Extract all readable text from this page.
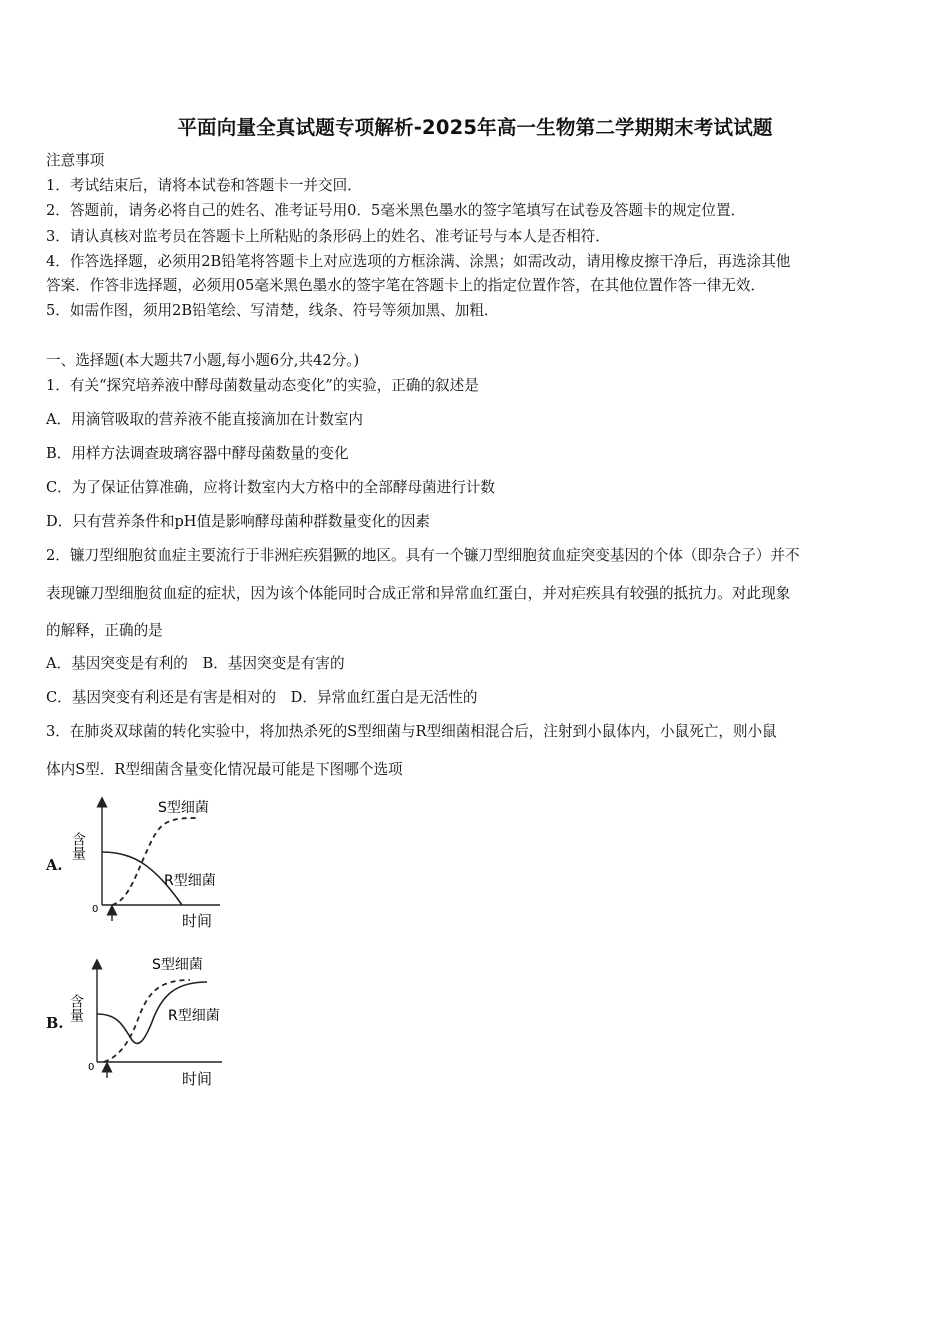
平面向量全真试题专项解析-2025年高一生物第二学期期末考试试题
注意事项
1．考试结束后，请将本试卷和答题卡一并交回．
2．答题前，请务必将自己的姓名、准考证号用0．5毫米黑色墨水的签字笔填写在试卷及答题卡的规定位置．
3．请认真核对监考员在答题卡上所粘贴的条形码上的姓名、准考证号与本人是否相符．
4．作答选择题，必须用2B铅笔将答题卡上对应选项的方框涂满、涂黑；如需改动，请用橡皮擦干净后，再选涂其他
答案．作答非选择题，必须用05毫米黑色墨水的签字笔在答题卡上的指定位置作答，在其他位置作答一律无效．
5．如需作图，须用2B铅笔绘、写清楚，线条、符号等须加黑、加粗．
一、选择题(本大题共7小题,每小题6分,共42分。)
1．有关“探究培养液中酵母菌数量动态变化”的实验，正确的叙述是
A．用滴管吸取的营养液不能直接滴加在计数室内
B．用样方法调查玻璃容器中酵母菌数量的变化
C．为了保证估算准确，应将计数室内大方格中的全部酵母菌进行计数
D．只有营养条件和pH值是影响酵母菌种群数量变化的因素
2．镰刀型细胞贫血症主要流行于非洲疟疾猖獗的地区。具有一个镰刀型细胞贫血症突变基因的个体（即杂合子）并不
表现镰刀型细胞贫血症的症状，因为该个体能同时合成正常和异常血红蛋白，并对疟疾具有较强的抵抗力。对此现象
的解释，正确的是
A．基因突变是有利的　B．基因突变是有害的
C．基因突变有利还是有害是相对的　D．异常血红蛋白是无活性的
3．在肺炎双球菌的转化实验中，将加热杀死的S型细菌与R型细菌相混合后，注射到小鼠体内，小鼠死亡，则小鼠
体内S型．R型细菌含量变化情况最可能是下图哪个选项
A.
含量
0
时间
S型细菌
R型细菌
B.
含量
0
时间
S型细菌
R型细菌
